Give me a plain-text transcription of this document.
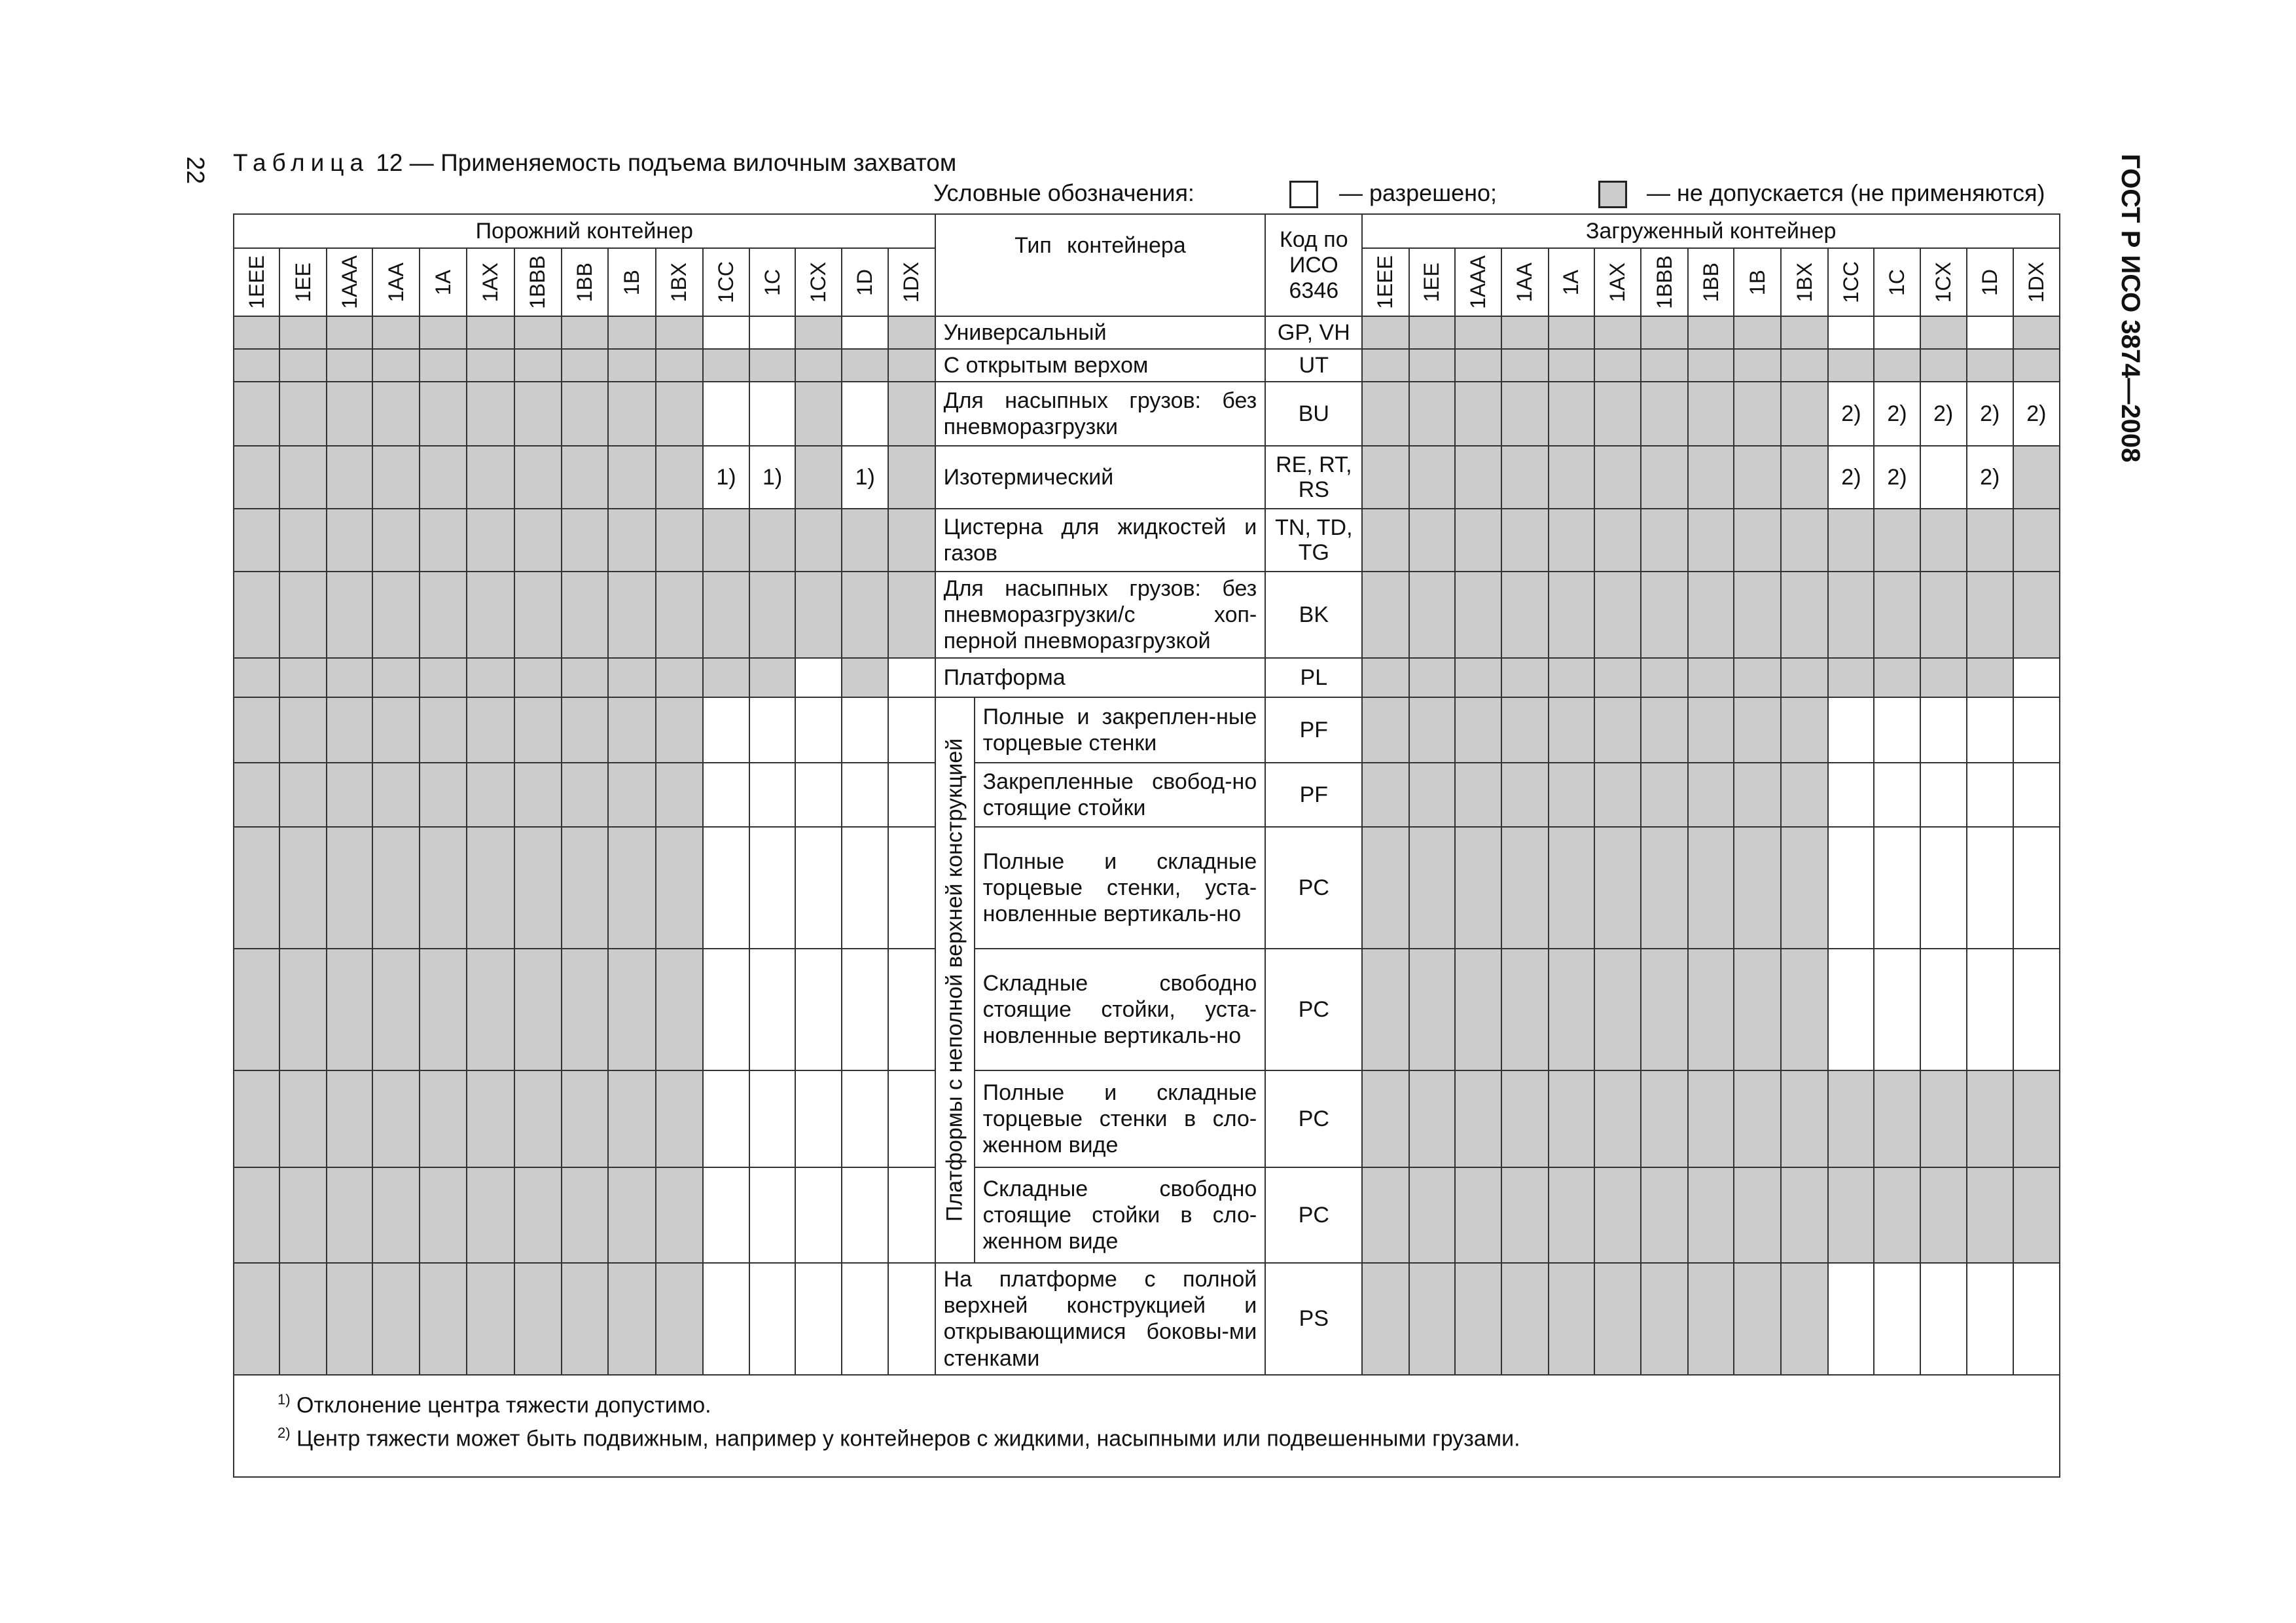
22 Таблица 12 — Применяемость подъема вилочным захватом	ГОСТ Р ИСО 3874—2008
Условные обозначения:	— разрешено;	— не допускается (не применяются)
Порожний контейнер															Тип контейнера		Код по ИСО 6346	Загруженный контейнер														
1EEE	1EE	1AAA	1AA	1A	1AX	1BBB	1BB	1B	1BX	1CC	1C	1CX	1D	1DX				1EEE	1EE	1AAA	1AA	1A	1AX	1BBB	1BB	1B	1BX	1CC	1C	1CX	1D	1DX
															Универсальный		GP, VH															
															С открытым верхом		UT															
															Для насыпных грузов: без пневморазгрузки		BU											2)	2)	2)	2)	2)
										1)	1)		1)		Изотермический		RE, RT, RS											2)	2)		2)	
															Цистерна для жидкостей и газов		TN, TD, TG															
															Для насыпных грузов: без пневморазгрузки/с хоп-перной пневморазгрузкой		BK															
															Платформа		PL															
															Платформы с неполной верхней конструкцией	Полные и закреплен-ные торцевые стенки	PF															
																Закрепленные свобод-но стоящие стойки	PF															
																Полные и складные торцевые стенки, уста-новленные вертикаль-но	PC															
																Складные свободно стоящие стойки, уста-новленные вертикаль-но	PC															
																Полные и складные торцевые стенки в сло-женном виде	PC															
																Складные свободно стоящие стойки в сло-женном виде	PC															
															На платформе с полной верхней конструкцией и открывающимися боковы-ми стенками		PS															

$^{1)}$ Отклонение центра тяжести допустимо.
$^{2)}$ Центр тяжести может быть подвижным, например у контейнеров с жидкими, насыпными или подвешенными грузами.																																
